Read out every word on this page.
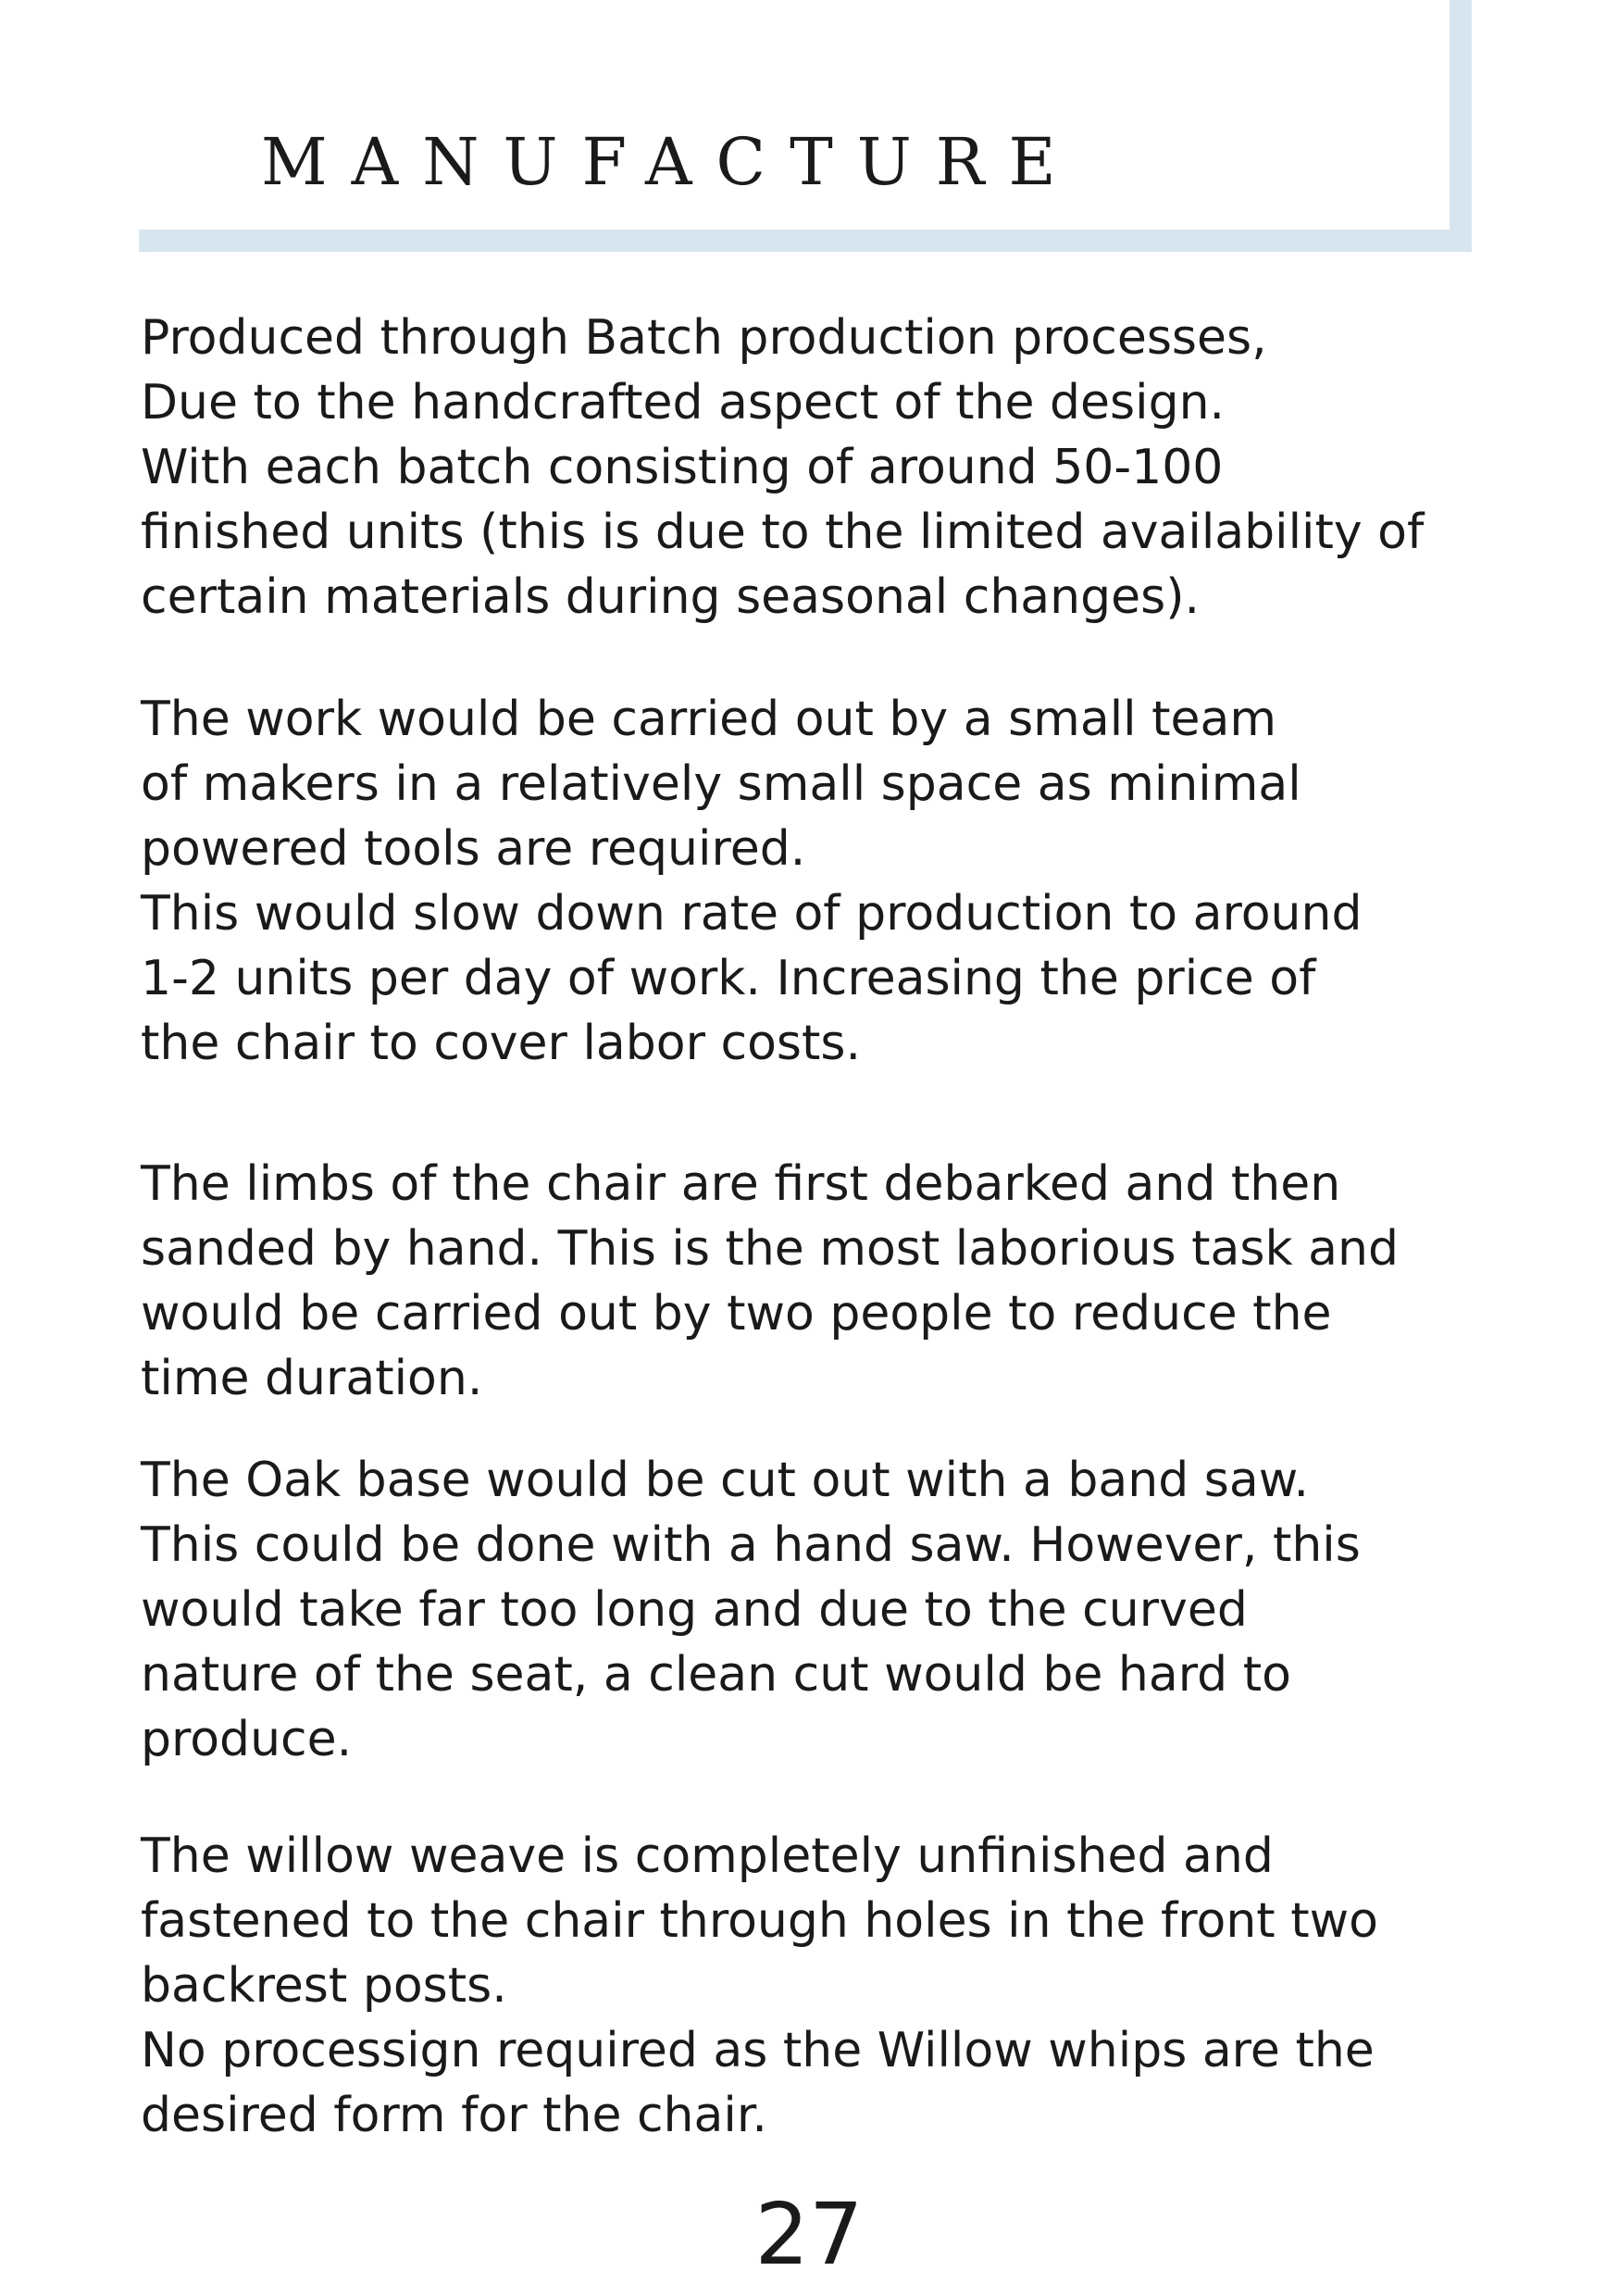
MANUFACTURE
Produced through Batch production processes,
Due to the handcrafted aspect of the design.
With each batch consisting of around 50-100
finished units (this is due to the limited availability of
certain materials during seasonal changes).
The work would be carried out by a small team
of makers in a relatively small space as minimal
powered tools are required.
This would slow down rate of production to around
1-2 units per day of work. Increasing the price of
the chair to cover labor costs.
The limbs of the chair are first debarked and then
sanded by hand. This is the most laborious task and
would be carried out by two people to reduce the
time duration.
The Oak base would be cut out with a band saw.
This could be done with a hand saw. However, this
would take far too long and due to the curved
nature of the seat, a clean cut would be hard to
produce.
The willow weave is completely unfinished and
fastened to the chair through holes in the front two
backrest posts.
No processign required as the Willow whips are the
desired form for the chair.
27
